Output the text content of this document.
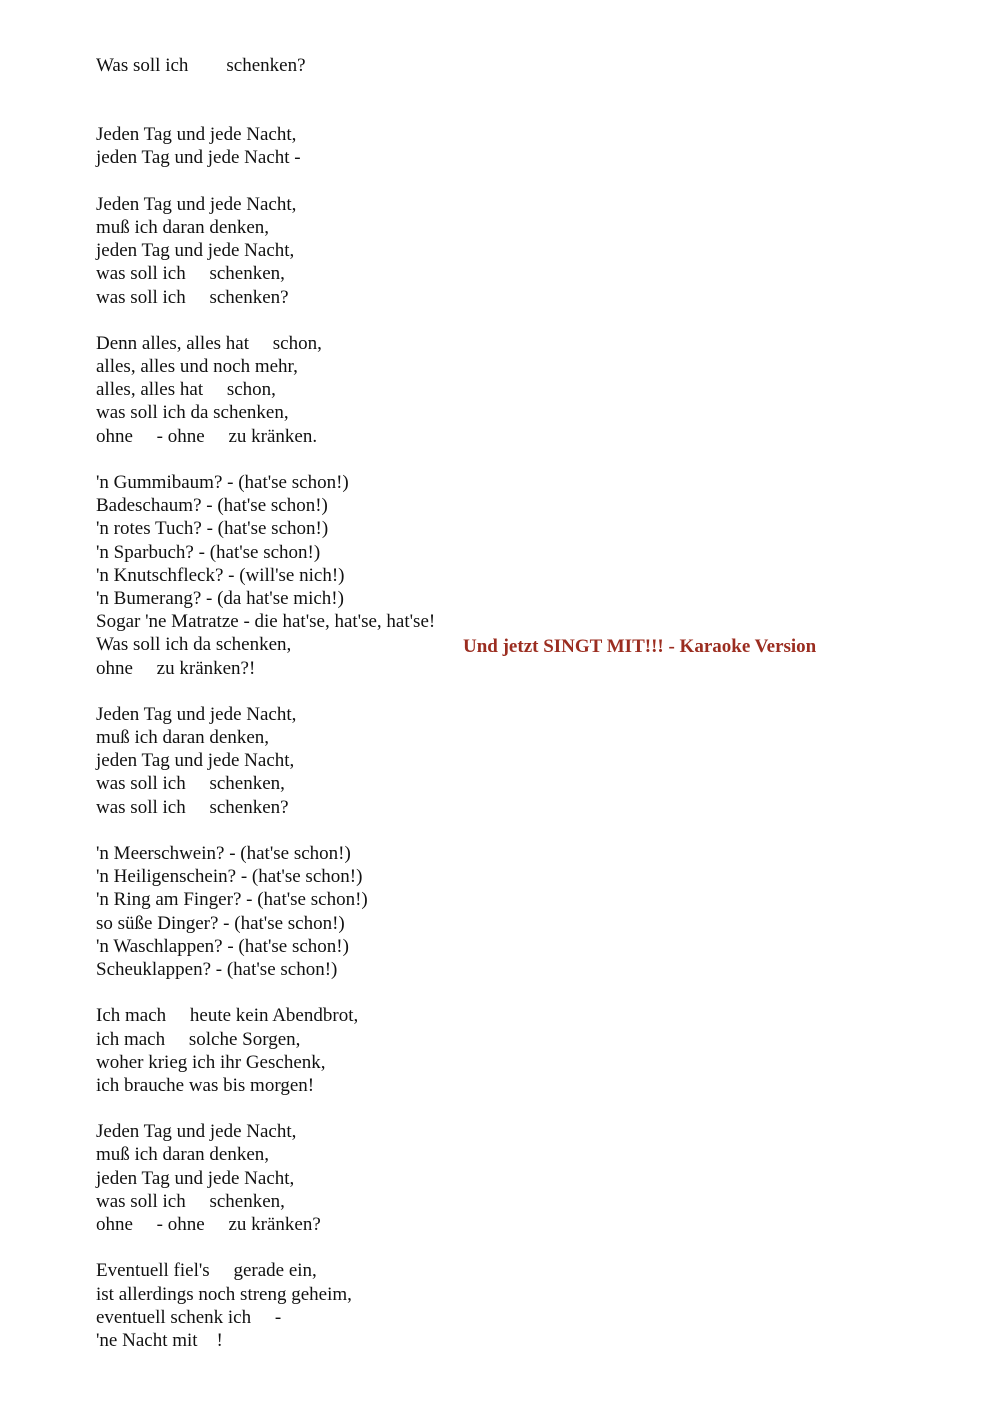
Was soll ich        schenken?
Jeden Tag und jede Nacht,
jeden Tag und jede Nacht -
Jeden Tag und jede Nacht,
muß ich daran denken,
jeden Tag und jede Nacht,
was soll ich     schenken,
was soll ich     schenken?
Denn alles, alles hat     schon,
alles, alles und noch mehr,
alles, alles hat     schon,
was soll ich da schenken,
ohne     - ohne     zu kränken.
'n Gummibaum? - (hat'se schon!)
Badeschaum? - (hat'se schon!)
'n rotes Tuch? - (hat'se schon!)
'n Sparbuch? - (hat'se schon!)
'n Knutschfleck? - (will'se nich!)
'n Bumerang? - (da hat'se mich!)
Sogar 'ne Matratze - die hat'se, hat'se, hat'se!
Was soll ich da schenken,
ohne     zu kränken?!
Jeden Tag und jede Nacht,
muß ich daran denken,
jeden Tag und jede Nacht,
was soll ich     schenken,
was soll ich     schenken?
'n Meerschwein? - (hat'se schon!)
'n Heiligenschein? - (hat'se schon!)
'n Ring am Finger? - (hat'se schon!)
so süße Dinger? - (hat'se schon!)
'n Waschlappen? - (hat'se schon!)
Scheuklappen? - (hat'se schon!)
Ich mach     heute kein Abendbrot,
ich mach     solche Sorgen,
woher krieg ich ihr Geschenk,
ich brauche was bis morgen!
Jeden Tag und jede Nacht,
muß ich daran denken,
jeden Tag und jede Nacht,
was soll ich     schenken,
ohne     - ohne     zu kränken?
Eventuell fiel's     gerade ein,
ist allerdings noch streng geheim,
eventuell schenk ich     -
'ne Nacht mit    !
Und jetzt SINGT MIT!!! - Karaoke Version
